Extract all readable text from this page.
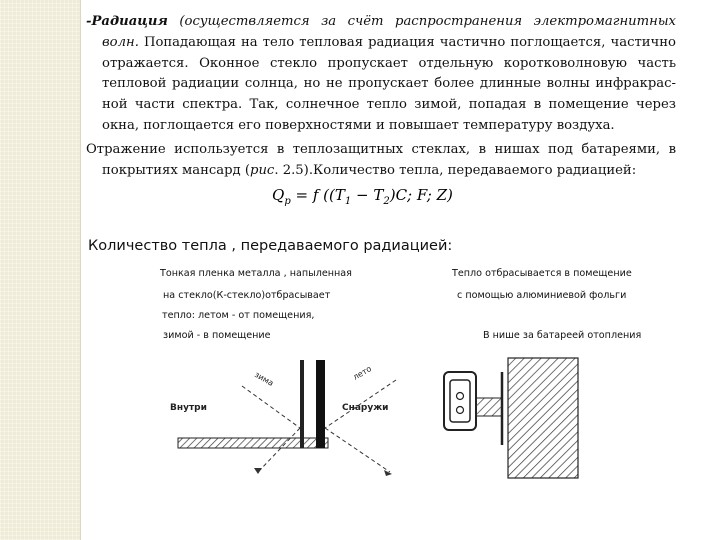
-Радиация (осуществляется за счёт распространения электромагнитных волн. Попадающая на тело тепловая радиация частично поглощается, частично отражается. Оконное стекло пропускает отдельную коротковолновую часть тепловой радиации солнца, но не пропускает более длинные волны инфракрас-ной части спектра. Так, солнечное тепло зимой, попадая в помещение через окна, поглощается его поверхностями и повышает температуру воздуха.
Отражение используется в теплозащитных стеклах, в нишах под батареями, в покрытиях мансард (рис. 2.5).Количество тепла, передаваемого радиацией:
$Q_p = f$ ($(T_1 - T_2)C$; F; Z)
Количество тепла , передаваемого радиацией:
Тонкая пленка металла , напыленная
на стекло(К-стекло)отбрасывает
тепло: летом - от помещения,
зимой - в помещение
Тепло отбрасывается в помещение
с помощью алюминиевой фольги
В нише за батареей отопления
Внутри	Снаружи
зима	лето
